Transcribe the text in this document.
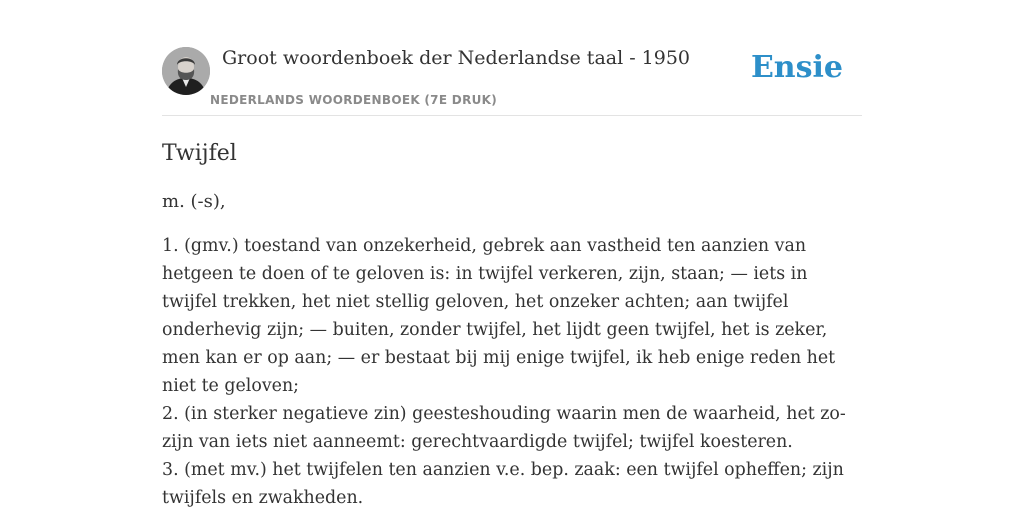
Groot woordenboek der Nederlandse taal - 1950
NEDERLANDS WOORDENBOEK (7E DRUK)
Ensie
Twijfel

m. (-s),

1. (gmv.) toestand van onzekerheid, gebrek aan vastheid ten aanzien van hetgeen te doen of te geloven is: in twijfel verkeren, zijn, staan; — iets in twijfel trekken, het niet stellig geloven, het onzeker achten; aan twijfel onderhevig zijn; — buiten, zonder twijfel, het lijdt geen twijfel, het is zeker, men kan er op aan; — er bestaat bij mij enige twijfel, ik heb enige reden het niet te geloven;
2. (in sterker negatieve zin) geesteshouding waarin men de waarheid, het zo-zijn van iets niet aanneemt: gerechtvaardigde twijfel; twijfel koesteren.
3. (met mv.) het twijfelen ten aanzien v.e. bep. zaak: een twijfel opheffen; zijn twijfels en zwakheden.
